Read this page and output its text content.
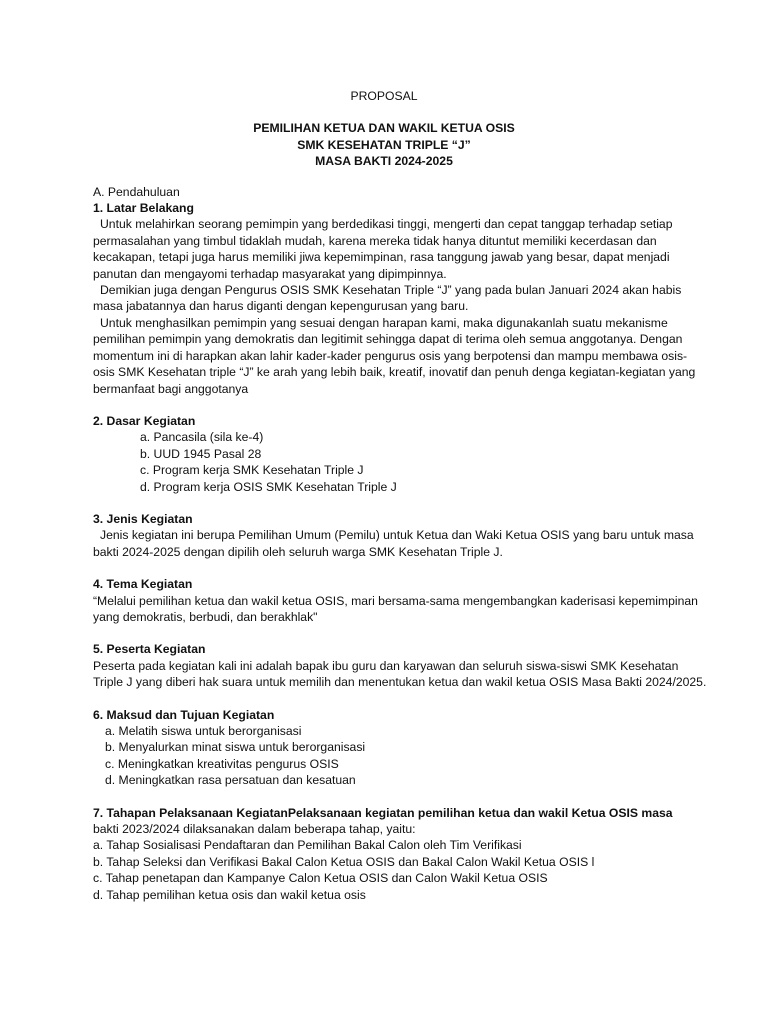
PROPOSAL
PEMILIHAN KETUA DAN WAKIL KETUA OSIS
SMK KESEHATAN TRIPLE “J”
MASA BAKTI 2024-2025
A. Pendahuluan
1. Latar Belakang

Untuk melahirkan seorang pemimpin yang berdedikasi tinggi, mengerti dan cepat tanggap terhadap setiap permasalahan yang timbul tidaklah mudah, karena mereka tidak hanya dituntut memiliki kecerdasan dan kecakapan, tetapi juga harus memiliki jiwa kepemimpinan, rasa tanggung jawab yang besar, dapat menjadi panutan dan mengayomi terhadap masyarakat yang dipimpinnya.

Demikian juga dengan Pengurus OSIS SMK Kesehatan Triple “J” yang pada bulan Januari 2024 akan habis masa jabatannya dan harus diganti dengan kepengurusan yang baru.

Untuk menghasilkan pemimpin yang sesuai dengan harapan kami, maka digunakanlah suatu mekanisme pemilihan pemimpin yang demokratis dan legitimit sehingga dapat di terima oleh semua anggotanya. Dengan momentum ini di harapkan akan lahir kader-kader pengurus osis yang berpotensi dan mampu membawa osis-osis SMK Kesehatan triple “J” ke arah yang lebih baik, kreatif, inovatif dan penuh denga kegiatan-kegiatan yang bermanfaat bagi anggotanya

2. Dasar Kegiatan
a. Pancasila (sila ke-4)
b. UUD 1945 Pasal 28
c. Program kerja SMK Kesehatan Triple J
d. Program kerja OSIS SMK Kesehatan Triple J
3. Jenis Kegiatan

Jenis kegiatan ini berupa Pemilihan Umum (Pemilu) untuk Ketua dan Waki Ketua OSIS yang baru untuk masa bakti 2024-2025 dengan dipilih oleh seluruh warga SMK Kesehatan Triple J.

4. Tema Kegiatan

“Melalui pemilihan ketua dan wakil ketua OSIS, mari bersama-sama mengembangkan kaderisasi kepemimpinan yang demokratis, berbudi, dan berakhlak"

5. Peserta Kegiatan

Peserta pada kegiatan kali ini adalah bapak ibu guru dan karyawan dan seluruh siswa-siswi SMK Kesehatan Triple J yang diberi hak suara untuk memilih dan menentukan ketua dan wakil ketua OSIS Masa Bakti 2024/2025.

6. Maksud dan Tujuan Kegiatan
a. Melatih siswa untuk berorganisasi
b. Menyalurkan minat siswa untuk berorganisasi
c. Meningkatkan kreativitas pengurus OSIS
d. Meningkatkan rasa persatuan dan kesatuan
7. Tahapan Pelaksanaan KegiatanPelaksanaan kegiatan pemilihan ketua dan wakil Ketua OSIS masa
bakti 2023/2024 dilaksanakan dalam beberapa tahap, yaitu:
a. Tahap Sosialisasi Pendaftaran dan Pemilihan Bakal Calon oleh Tim Verifikasi
b. Tahap Seleksi dan Verifikasi Bakal Calon Ketua OSIS dan Bakal Calon Wakil Ketua OSIS l
c. Tahap penetapan dan Kampanye Calon Ketua OSIS dan Calon Wakil Ketua OSIS
d. Tahap pemilihan ketua osis dan wakil ketua osis
